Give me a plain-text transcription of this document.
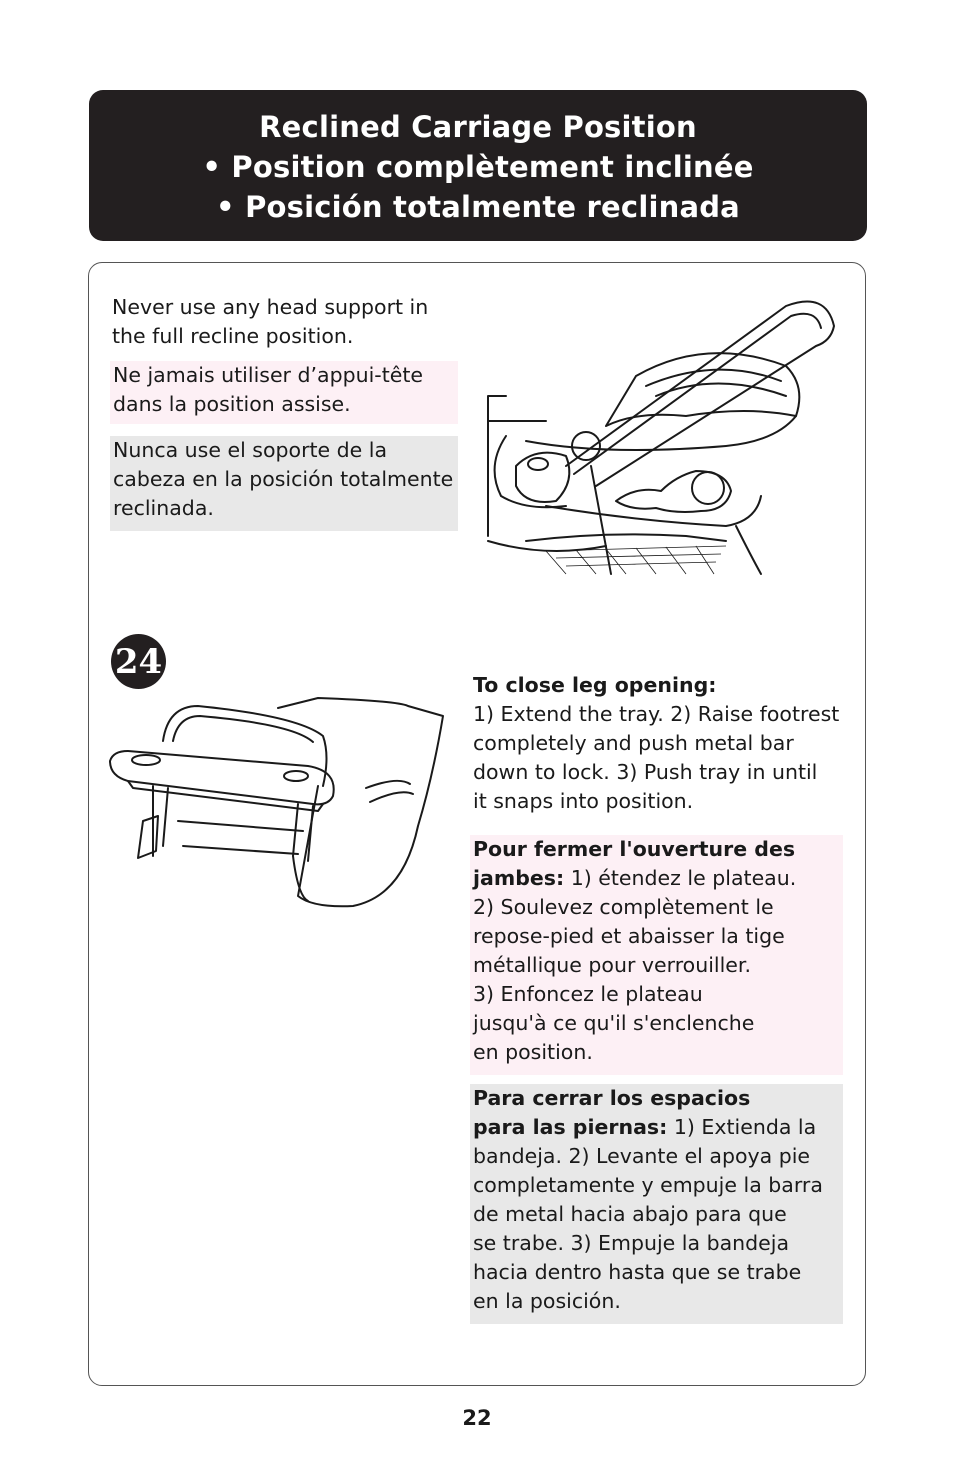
Reclined Carriage Position
• Position complètement inclinée
• Posición totalmente reclinada
Never use any head support in
the full recline position.
Ne jamais utiliser d’appui-tête
dans la position assise.
Nunca use el soporte de la
cabeza en la posición totalmente
reclinada.
24
To close leg opening:
1) Extend the tray. 2) Raise footrest
completely and push metal bar
down to lock. 3) Push tray in until
it snaps into position.
Pour fermer l'ouverture des
jambes: 1) étendez le plateau.
2) Soulevez complètement le
repose-pied et abaisser la tige
métallique pour verrouiller.
3) Enfoncez le plateau
jusqu'à ce qu'il s'enclenche
en position.
Para cerrar los espacios
para las piernas: 1) Extienda la
bandeja. 2) Levante el apoya pie
completamente y empuje la barra
de metal hacia abajo para que
se trabe. 3) Empuje la bandeja
hacia dentro hasta que se trabe
en la posición.
22
